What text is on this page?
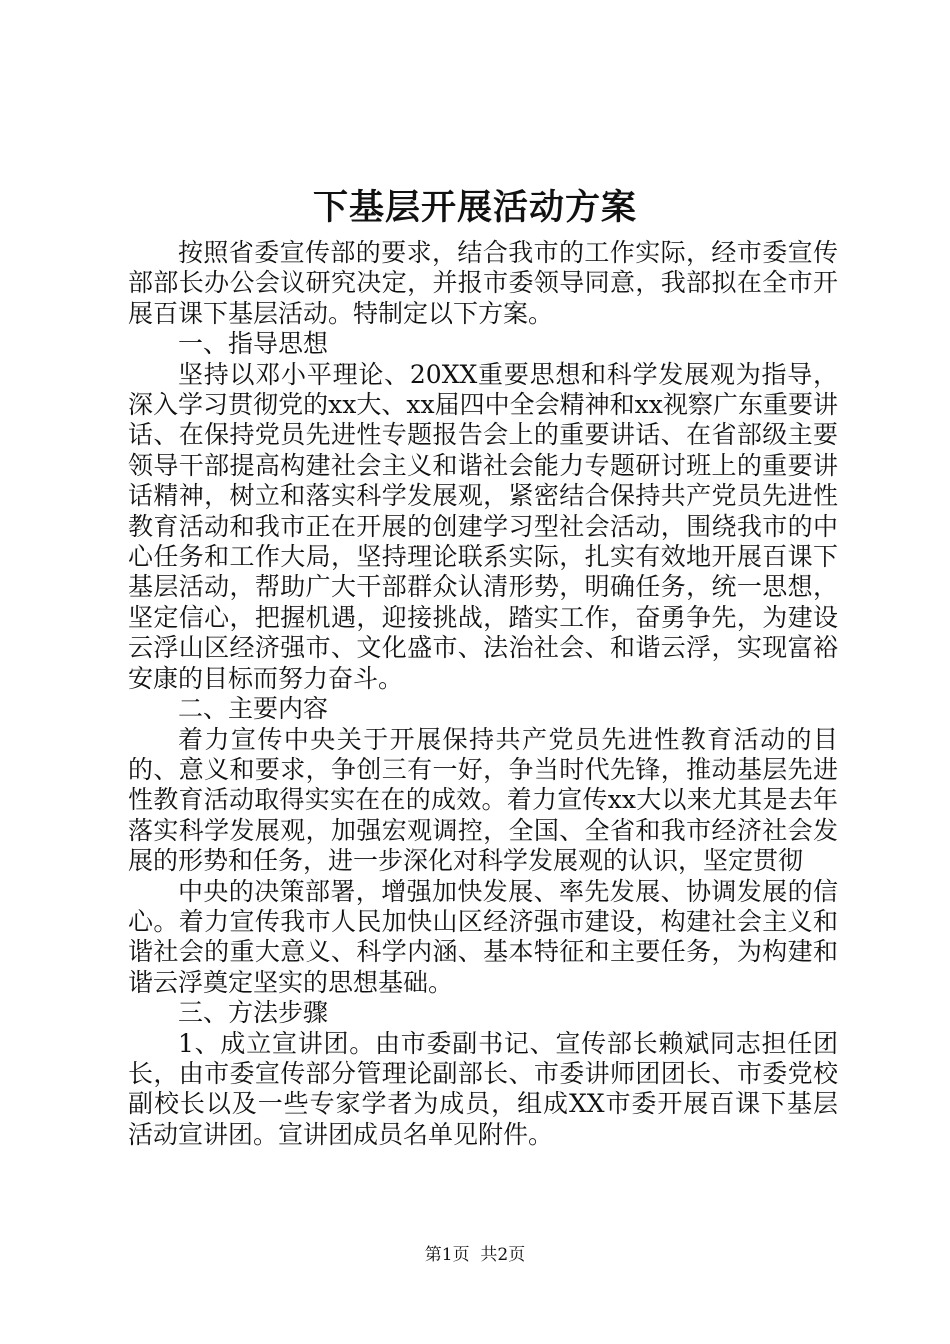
下基层开展活动方案

按照省委宣传部的要求，结合我市的工作实际，经市委宣传部部长办公会议研究决定，并报市委领导同意，我部拟在全市开展百课下基层活动。特制定以下方案。

一、指导思想

坚持以邓小平理论、20XX重要思想和科学发展观为指导，深入学习贯彻党的xx大、xx届四中全会精神和xx视察广东重要讲话、在保持党员先进性专题报告会上的重要讲话、在省部级主要领导干部提高构建社会主义和谐社会能力专题研讨班上的重要讲话精神，树立和落实科学发展观，紧密结合保持共产党员先进性教育活动和我市正在开展的创建学习型社会活动，围绕我市的中心任务和工作大局，坚持理论联系实际，扎实有效地开展百课下基层活动，帮助广大干部群众认清形势，明确任务，统一思想，坚定信心，把握机遇，迎接挑战，踏实工作，奋勇争先，为建设云浮山区经济强市、文化盛市、法治社会、和谐云浮，实现富裕安康的目标而努力奋斗。

二、主要内容

着力宣传中央关于开展保持共产党员先进性教育活动的目的、意义和要求，争创三有一好，争当时代先锋，推动基层先进性教育活动取得实实在在的成效。着力宣传xx大以来尤其是去年落实科学发展观，加强宏观调控，全国、全省和我市经济社会发展的形势和任务，进一步深化对科学发展观的认识，坚定贯彻

中央的决策部署，增强加快发展、率先发展、协调发展的信心。着力宣传我市人民加快山区经济强市建设，构建社会主义和谐社会的重大意义、科学内涵、基本特征和主要任务，为构建和谐云浮奠定坚实的思想基础。

三、方法步骤

1、成立宣讲团。由市委副书记、宣传部长赖斌同志担任团长，由市委宣传部分管理论副部长、市委讲师团团长、市委党校副校长以及一些专家学者为成员，组成XX市委开展百课下基层活动宣讲团。宣讲团成员名单见附件。

第1页 共2页
